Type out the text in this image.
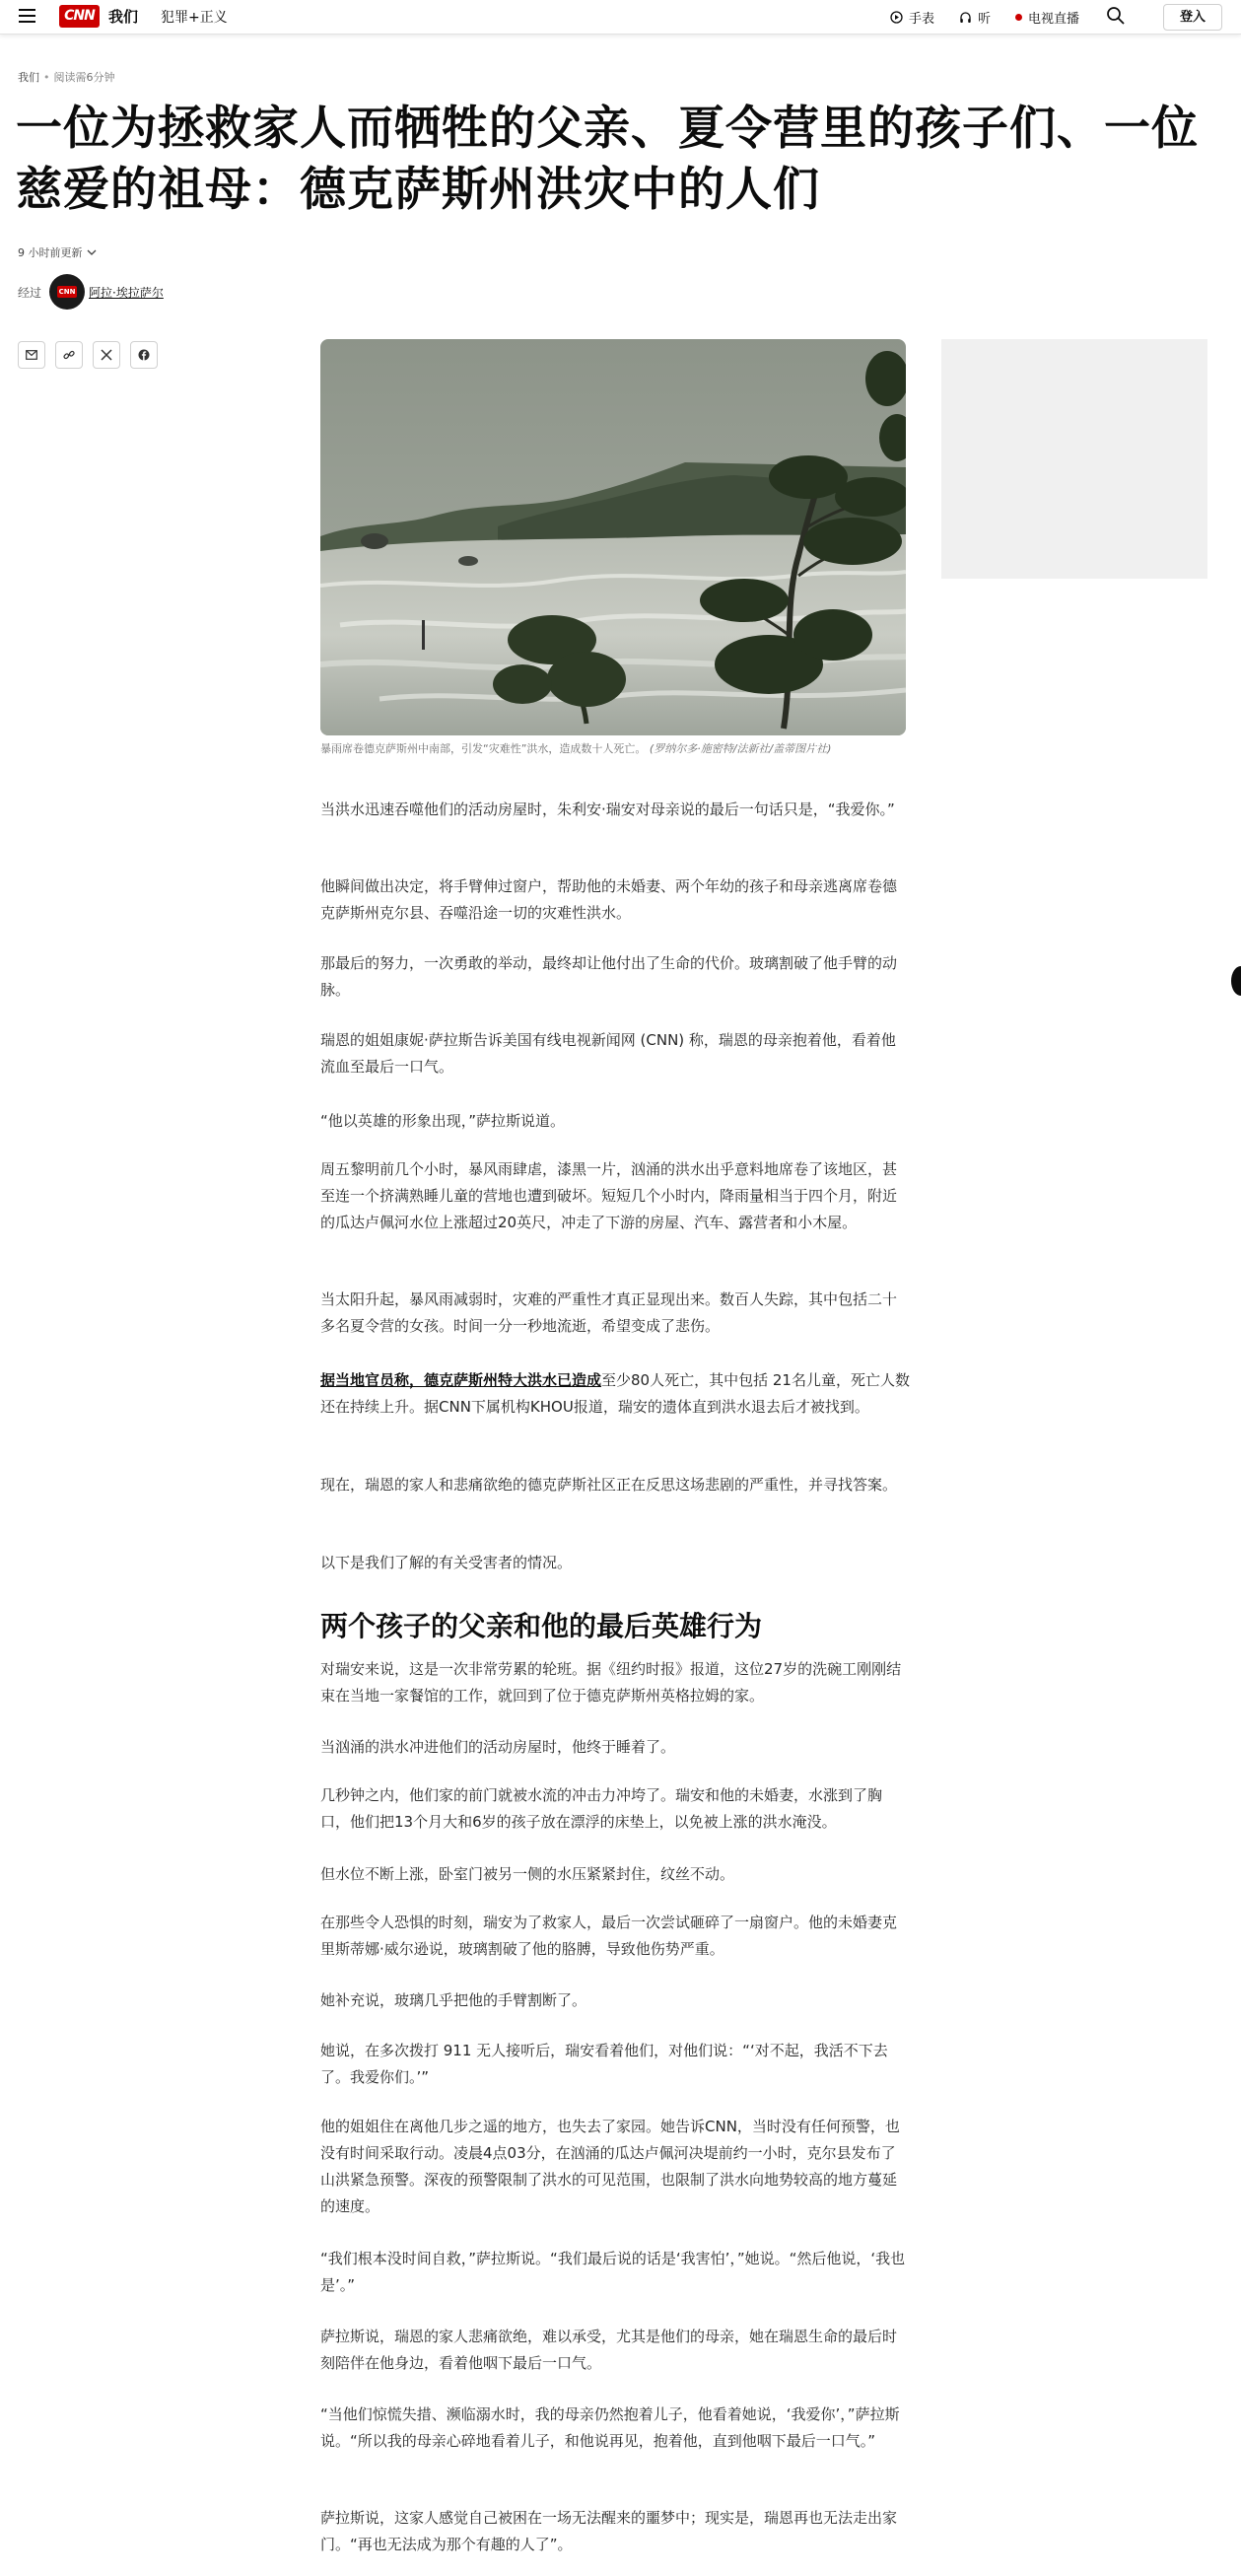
CNN 我们 犯罪+正义	手表	听	电视直播	登入
我们 • 阅读需6分钟
一位为拯救家人而牺牲的父亲、夏令营里的孩子们、一位慈爱的祖母：德克萨斯州洪灾中的人们
9 小时前更新
经过	CNN 阿拉·埃拉萨尔
暴雨席卷德克萨斯州中南部，引发“灾难性”洪水，造成数十人死亡。 (罗纳尔多·施密特/法新社/盖蒂图片社)

当洪水迅速吞噬他们的活动房屋时，朱利安·瑞安对母亲说的最后一句话只是，“我爱你。”

他瞬间做出决定，将手臂伸过窗户，帮助他的未婚妻、两个年幼的孩子和母亲逃离席卷德克萨斯州克尔县、吞噬沿途一切的灾难性洪水。

那最后的努力，一次勇敢的举动，最终却让他付出了生命的代价。玻璃割破了他手臂的动脉。

瑞恩的姐姐康妮·萨拉斯告诉美国有线电视新闻网 (CNN) 称，瑞恩的母亲抱着他，看着他流血至最后一口气。

“他以英雄的形象出现，”萨拉斯说道。

周五黎明前几个小时，暴风雨肆虐，漆黑一片，汹涌的洪水出乎意料地席卷了该地区，甚至连一个挤满熟睡儿童的营地也遭到破坏。短短几个小时内，降雨量相当于四个月，附近的瓜达卢佩河水位上涨超过20英尺，冲走了下游的房屋、汽车、露营者和小木屋。

当太阳升起，暴风雨减弱时，灾难的严重性才真正显现出来。数百人失踪，其中包括二十多名夏令营的女孩。时间一分一秒地流逝，希望变成了悲伤。

据当地官员称，德克萨斯州特大洪水已造成至少80人死亡，其中包括 21名儿童，死亡人数还在持续上升。据CNN下属机构KHOU报道，瑞安的遗体直到洪水退去后才被找到。

现在，瑞恩的家人和悲痛欲绝的德克萨斯社区正在反思这场悲剧的严重性，并寻找答案。

以下是我们了解的有关受害者的情况。

两个孩子的父亲和他的最后英雄行为

对瑞安来说，这是一次非常劳累的轮班。据《纽约时报》报道，这位27岁的洗碗工刚刚结束在当地一家餐馆的工作，就回到了位于德克萨斯州英格拉姆的家。

当汹涌的洪水冲进他们的活动房屋时，他终于睡着了。

几秒钟之内，他们家的前门就被水流的冲击力冲垮了。瑞安和他的未婚妻，水涨到了胸口，他们把13个月大和6岁的孩子放在漂浮的床垫上，以免被上涨的洪水淹没。

但水位不断上涨，卧室门被另一侧的水压紧紧封住，纹丝不动。

在那些令人恐惧的时刻，瑞安为了救家人，最后一次尝试砸碎了一扇窗户。他的未婚妻克里斯蒂娜·威尔逊说，玻璃割破了他的胳膊，导致他伤势严重。

她补充说，玻璃几乎把他的手臂割断了。

她说，在多次拨打 911 无人接听后，瑞安看着他们，对他们说：“‘对不起，我活不下去了。我爱你们。’”

他的姐姐住在离他几步之遥的地方，也失去了家园。她告诉CNN，当时没有任何预警，也没有时间采取行动。凌晨4点03分，在汹涌的瓜达卢佩河决堤前约一小时，克尔县发布了山洪紧急预警。深夜的预警限制了洪水的可见范围，也限制了洪水向地势较高的地方蔓延的速度。

“我们根本没时间自救，”萨拉斯说。“我们最后说的话是‘我害怕’，”她说。“然后他说，‘我也是’。”

萨拉斯说，瑞恩的家人悲痛欲绝，难以承受，尤其是他们的母亲，她在瑞恩生命的最后时刻陪伴在他身边，看着他咽下最后一口气。

“当他们惊慌失措、濒临溺水时，我的母亲仍然抱着儿子，他看着她说，‘我爱你’，”萨拉斯说。“所以我的母亲心碎地看着儿子，和他说再见，抱着他，直到他咽下最后一口气。”

萨拉斯说，这家人感觉自己被困在一场无法醒来的噩梦中；现实是，瑞恩再也无法走出家门。“再也无法成为那个有趣的人了”。
